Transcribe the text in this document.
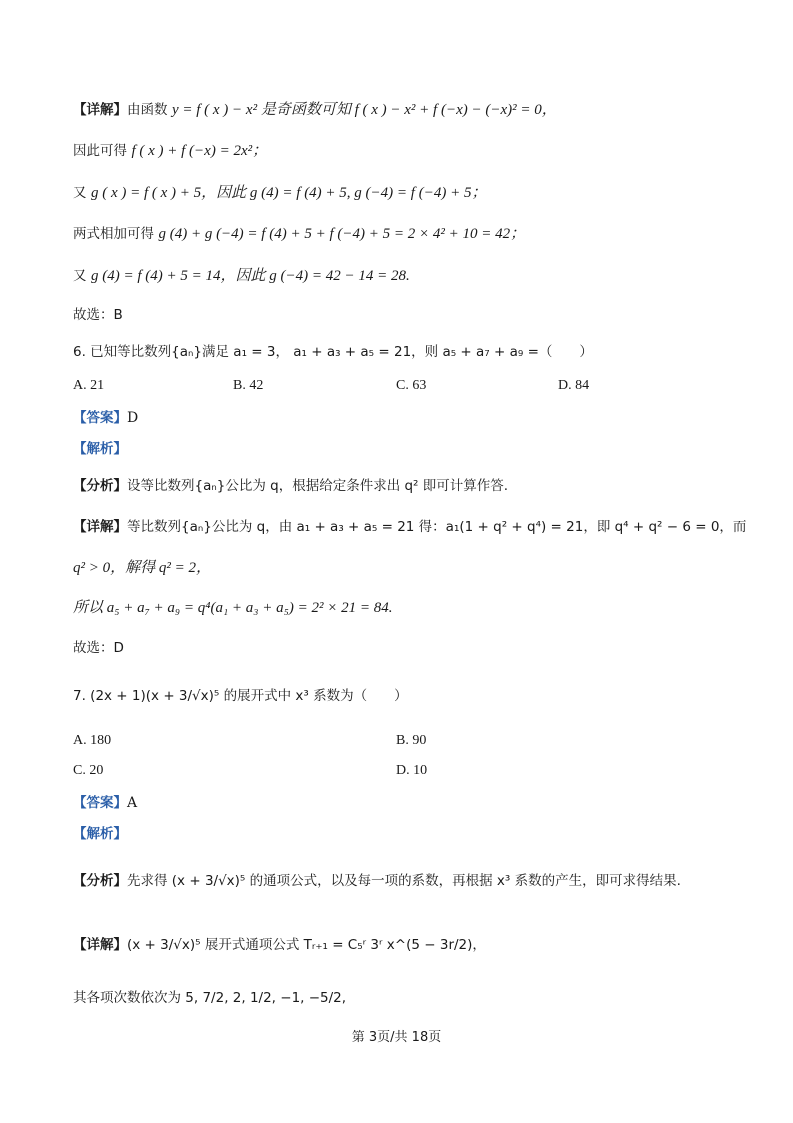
【详解】由函数 y = f ( x ) − x² 是奇函数可知 f ( x ) − x² + f (−x) − (−x)² = 0，
因此可得 f ( x ) + f (−x) = 2x²；
又 g ( x ) = f ( x ) + 5，因此 g (4) = f (4) + 5, g (−4) = f (−4) + 5；
两式相加可得 g (4) + g (−4) = f (4) + 5 + f (−4) + 5 = 2 × 4² + 10 = 42；
又 g (4) = f (4) + 5 = 14，因此 g (−4) = 42 − 14 = 28.
故选：B
6. 已知等比数列{aₙ}满足 a₁ = 3， a₁ + a₃ + a₅ = 21，则 a₅ + a₇ + a₉ =（　　）
A. 21	B. 42	C. 63	D. 84
【答案】D
【解析】
【分析】设等比数列{aₙ}公比为 q，根据给定条件求出 q² 即可计算作答.
【详解】等比数列{aₙ}公比为 q，由 a₁ + a₃ + a₅ = 21 得：a₁(1 + q² + q⁴) = 21，即 q⁴ + q² − 6 = 0，而
q² > 0，解得 q² = 2，
所以 a₅ + a₇ + a₉ = q⁴(a₁ + a₃ + a₅) = 2² × 21 = 84.
故选：D
7. (2x + 1)(x + 3/√x)⁵ 的展开式中 x³ 系数为（　　）
A. 180	B. 90
C. 20	D. 10
【答案】A
【解析】
【分析】先求得 (x + 3/√x)⁵ 的通项公式，以及每一项的系数，再根据 x³ 系数的产生，即可求得结果.
【详解】(x + 3/√x)⁵ 展开式通项公式 Tᵣ₊₁ = C₅ʳ 3ʳ x^(5 − 3r/2)，
其各项次数依次为 5, 7/2, 2, 1/2, −1, −5/2,
第 3页/共 18页
